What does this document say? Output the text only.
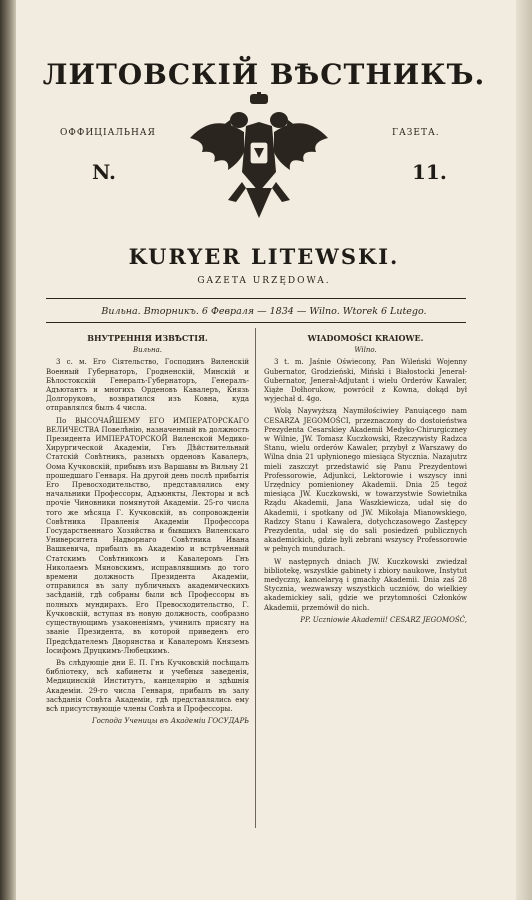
ЛИТОВСКІЙ ВѢСТНИКЪ.
ОФФИЦІАЛЬНАЯ	ГАЗЕТА.
N.	11.
KURYER LITEWSKI.
GAZETA URZĘDOWA.
Вильна. Вторникъ. 6 Февраля — 1834 — Wilno. Wtorek 6 Lutego.

ВНУТРЕННІЯ ИЗВѢСТІЯ.

Вильна.

3 с. м. Его Сіятельство, Господинъ Виленскій Военный Губернаторъ, Гродненскій, Минскій и Бѣлостокскій Генералъ-Губернаторъ, Генералъ-Адъютантъ и многихъ Орденовъ Кавалеръ, Князь Долгоруковъ, возвратился изъ Ковна, куда отправлялся былъ 4 числа.

По ВЫСОЧАЙШЕМУ ЕГО ИМПЕРАТОРСКАГО ВЕЛИЧЕСТВА Повелѣнію, назначенный въ должность Президента ИМПЕРАТОРСКОЙ Виленской Медико-Хирургической Академіи, Гнъ Дѣйствительный Статскій Совѣтникъ, разныхъ орденовъ Кавалеръ, Оома Кучковскій, прибывъ изъ Варшавы въ Вильну 21 прошедшаго Генваря. На другой день послѣ прибытія Его Превосходительство, представлялись ему начальники Профессоры, Адъюнкты, Лекторы и всѣ прочіе Чиновники помянутой Академіи. 25-го числа того же мѣсяца Г. Кучковскій, въ сопровожденіи Совѣтника Правленія Академіи Профессора Государственнаго Хозяйства и бывшихъ Виленскаго Университета Надворнаго Совѣтника Ивана Вашкевича, прибылъ въ Академію и встрѣченный Статскимъ Совѣтникомъ и Кавалеромъ Гнъ Николаемъ Мяновскимъ, исправлявшимъ до того времени должность Президента Академіи, отправился въ залу публичныхъ академическихъ засѣданій, гдѣ собраны были всѣ Профессоры въ полныхъ мундирахъ. Его Превосходительство, Г. Кучковскій, вступая въ новую должность, сообразно существующимъ узаконеніямъ, учинилъ присягу на званіе Президента, въ которой приведенъ его Предсѣдателемъ Дворянства и Кавалеромъ Княземъ Іосифомъ Друцкимъ-Любецкимъ.

Въ слѣдующіе дни Е. П. Гнъ Кучковскій посѣщалъ библіотеку, всѣ кабинеты и учебныя заведенія, Медицинскій Институтъ, канцелярію и здѣшнія Академіи. 29-го числа Генваря, прибылъ въ залу засѣданія Совѣта Академіи, гдѣ представлялись ему всѣ присутствующіе члены Совѣта и Профессоры.

Господа Ученицы въ Академіи ГОСУДАРЬ

WIADOMOŚCI KRAIOWE.

Wilno.

3 t. m. Jaśnie Oświecony, Pan Wileński Wojenny Gubernator, Grodzieński, Miński i Białostocki Jenerał-Gubernator, Jenerał-Adjutant i wielu Orderów Kawaler, Xiąże Dołhorukow, powrócił z Kowna, dokąd był wyjechał d. 4go.

Wolą Naywyższą Naymiłościwiey Panuiącego nam CESARZA JEGOMOŚCI, przeznaczony do dostoieństwa Prezydenta Cesarskiey Akademii Medyko-Chirurgiczney w Wilnie, JW. Tomasz Kuczkowski, Rzeczywisty Radzca Stanu, wielu orderów Kawaler, przybył z Warszawy do Wilna dnia 21 upłynionego miesiąca Stycznia. Nazajutrz mieli zaszczyt przedstawić się Panu Prezydentowi Professorowie, Adjunkci, Lektorowie i wszyscy inni Urzędnicy pomienioney Akademii. Dnia 25 tegoż miesiąca JW. Kuczkowski, w towarzystwie Sowietnika Rządu Akademii, Jana Waszkiewicza, udał się do Akademii, i spotkany od JW. Mikołaja Mianowskiego, Radzcy Stanu i Kawalera, dotychczasowego Zastępcy Prezydenta, udał się do sali posiedzeń publicznych akademickich, gdzie byli zebrani wszyscy Professorowie w pełnych mundurach.

W następnych dniach JW. Kuczkowski zwiedzał bibliotekę, wszystkie gabinety i zbiory naukowe, Instytut medyczny, kancelaryą i gmachy Akademii. Dnia zaś 28 Stycznia, wezwawszy wszystkich uczniów, do wielkiey akademickiey sali, gdzie we przytomności Członków Akademii, przemówił do nich.

PP. Uczniowie Akademii! CESARZ JEGOMOŚĆ,
